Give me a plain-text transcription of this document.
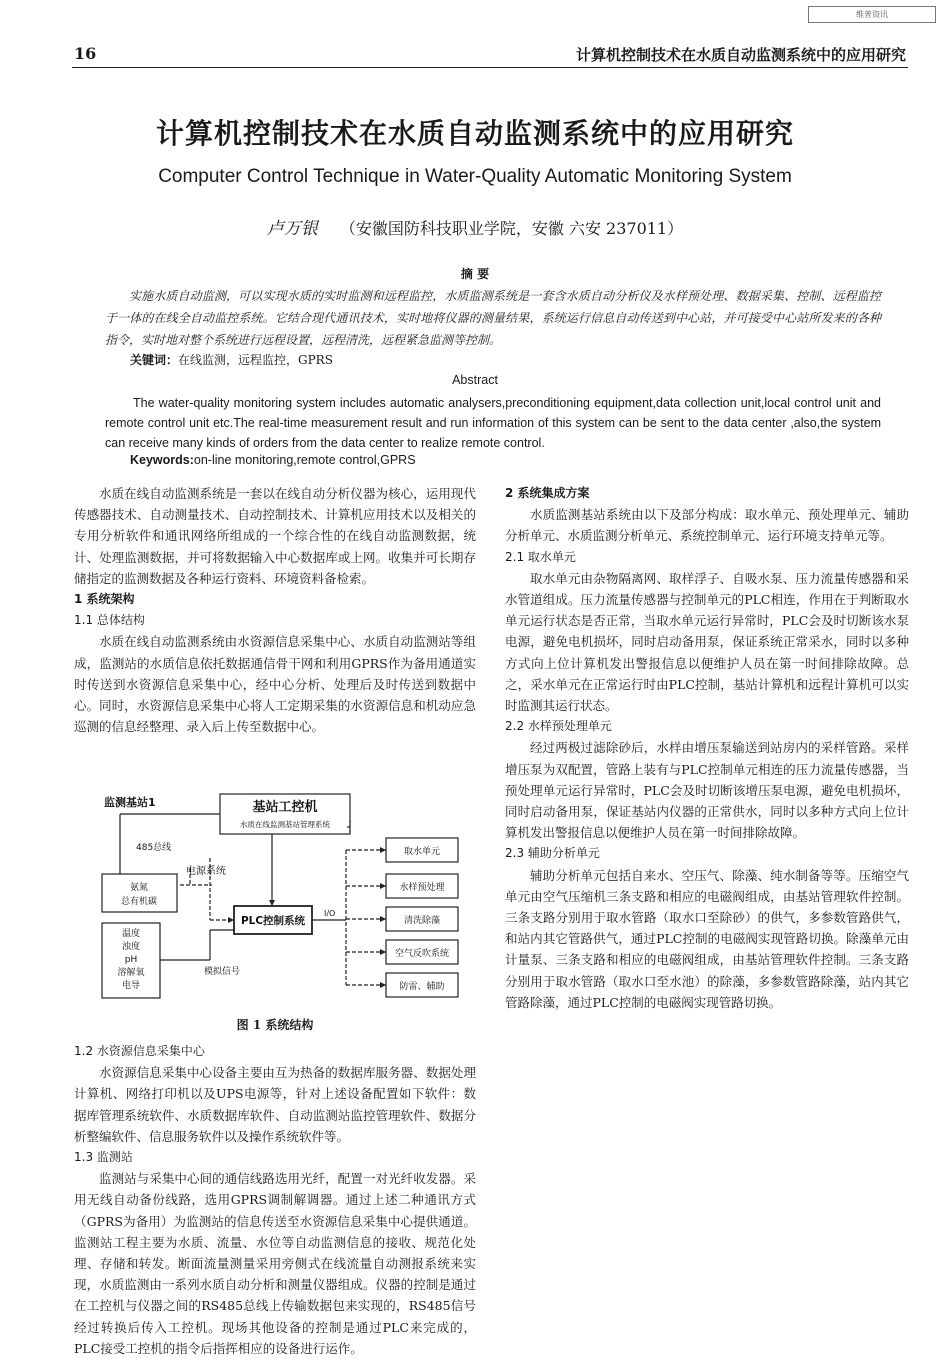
维普资讯
16	计算机控制技术在水质自动监测系统中的应用研究
计算机控制技术在水质自动监测系统中的应用研究
Computer Control Technique in Water-Quality Automatic Monitoring System
卢万银 （安徽国防科技职业学院，安徽 六安 237011）
摘 要
实施水质自动监测，可以实现水质的实时监测和远程监控，水质监测系统是一套含水质自动分析仪及水样预处理、数据采集、控制、远程监控于一体的在线全自动监控系统。它结合现代通讯技术，实时地将仪器的测量结果，系统运行信息自动传送到中心站，并可接受中心站所发来的各种指令，实时地对整个系统进行远程设置，远程清洗，远程紧急监测等控制。
关键词：在线监测，远程监控，GPRS
Abstract
The water-quality monitoring system includes automatic analysers,preconditioning equipment,data collection unit,local control unit and remote control unit etc.The real-time measurement result and run information of this system can be sent to the data center ,also,the system can receive many kinds of orders from the data center to realize remote control.
Keywords:on-line monitoring,remote control,GPRS

水质在线自动监测系统是一套以在线自动分析仪器为核心，运用现代传感器技术、自动测量技术、自动控制技术、计算机应用技术以及相关的专用分析软件和通讯网络所组成的一个综合性的在线自动监测数据，统计、处理监测数据，并可将数据输入中心数据库或上网。收集并可长期存储指定的监测数据及各种运行资料、环境资料备检索。

1 系统架构

1.1 总体结构

水质在线自动监测系统由水资源信息采集中心、水质自动监测站等组成，监测站的水质信息依托数据通信骨干网和利用GPRS作为备用通道实时传送到水资源信息采集中心，经中心分析、处理后及时传送到数据中心。同时，水资源信息采集中心将人工定期采集的水资源信息和机动应急巡测的信息经整理、录入后上传至数据中心。

监测基站1	基站工控机
水质在线监测基站管理系统
485总线
电源系统
氨氮
总有机碳
温度
浊度
pH
溶解氧
电导
模拟信号
PLC控制系统
I/O
取水单元
水样预处理
清洗除藻
空气反吹系统
防雷、辅助
图 1 系统结构

1.2 水资源信息采集中心

水资源信息采集中心设备主要由互为热备的数据库服务器、数据处理计算机、网络打印机以及UPS电源等，针对上述设备配置如下软件：数据库管理系统软件、水质数据库软件、自动监测站监控管理软件、数据分析整编软件、信息服务软件以及操作系统软件等。

1.3 监测站

监测站与采集中心间的通信线路选用光纤，配置一对光纤收发器。采用无线自动备份线路，选用GPRS调制解调器。通过上述二种通讯方式（GPRS为备用）为监测站的信息传送至水资源信息采集中心提供通道。监测站工程主要为水质、流量、水位等自动监测信息的接收、规范化处理、存储和转发。断面流量测量采用旁侧式在线流量自动测报系统来实现，水质监测由一系列水质自动分析和测量仪器组成。仪器的控制是通过在工控机与仪器之间的RS485总线上传输数据包来实现的，RS485信号经过转换后传入工控机。现场其他设备的控制是通过PLC来完成的，PLC接受工控机的指令后指挥相应的设备进行运作。

2 系统集成方案

水质监测基站系统由以下及部分构成：取水单元、预处理单元、辅助分析单元、水质监测分析单元、系统控制单元、运行环境支持单元等。

2.1 取水单元

取水单元由杂物隔离网、取样浮子、自吸水泵、压力流量传感器和采水管道组成。压力流量传感器与控制单元的PLC相连，作用在于判断取水单元运行状态是否正常，当取水单元运行异常时，PLC会及时切断该水泵电源，避免电机损坏，同时启动备用泵，保证系统正常采水，同时以多种方式向上位计算机发出警报信息以便维护人员在第一时间排除故障。总之，采水单元在正常运行时由PLC控制，基站计算机和远程计算机可以实时监测其运行状态。

2.2 水样预处理单元

经过两极过滤除砂后，水样由增压泵输送到站房内的采样管路。采样增压泵为双配置，管路上装有与PLC控制单元相连的压力流量传感器，当预处理单元运行异常时，PLC会及时切断该增压泵电源，避免电机损坏，同时启动备用泵，保证基站内仪器的正常供水，同时以多种方式向上位计算机发出警报信息以便维护人员在第一时间排除故障。

2.3 辅助分析单元

辅助分析单元包括自来水、空压气、除藻、纯水制备等等。压缩空气单元由空气压缩机三条支路和相应的电磁阀组成，由基站管理软件控制。三条支路分别用于取水管路（取水口至除砂）的供气，多参数管路供气，和站内其它管路供气，通过PLC控制的电磁阀实现管路切换。除藻单元由计量泵、三条支路和相应的电磁阀组成，由基站管理软件控制。三条支路分别用于取水管路（取水口至水池）的除藻，多参数管路除藻，站内其它管路除藻，通过PLC控制的电磁阀实现管路切换。
